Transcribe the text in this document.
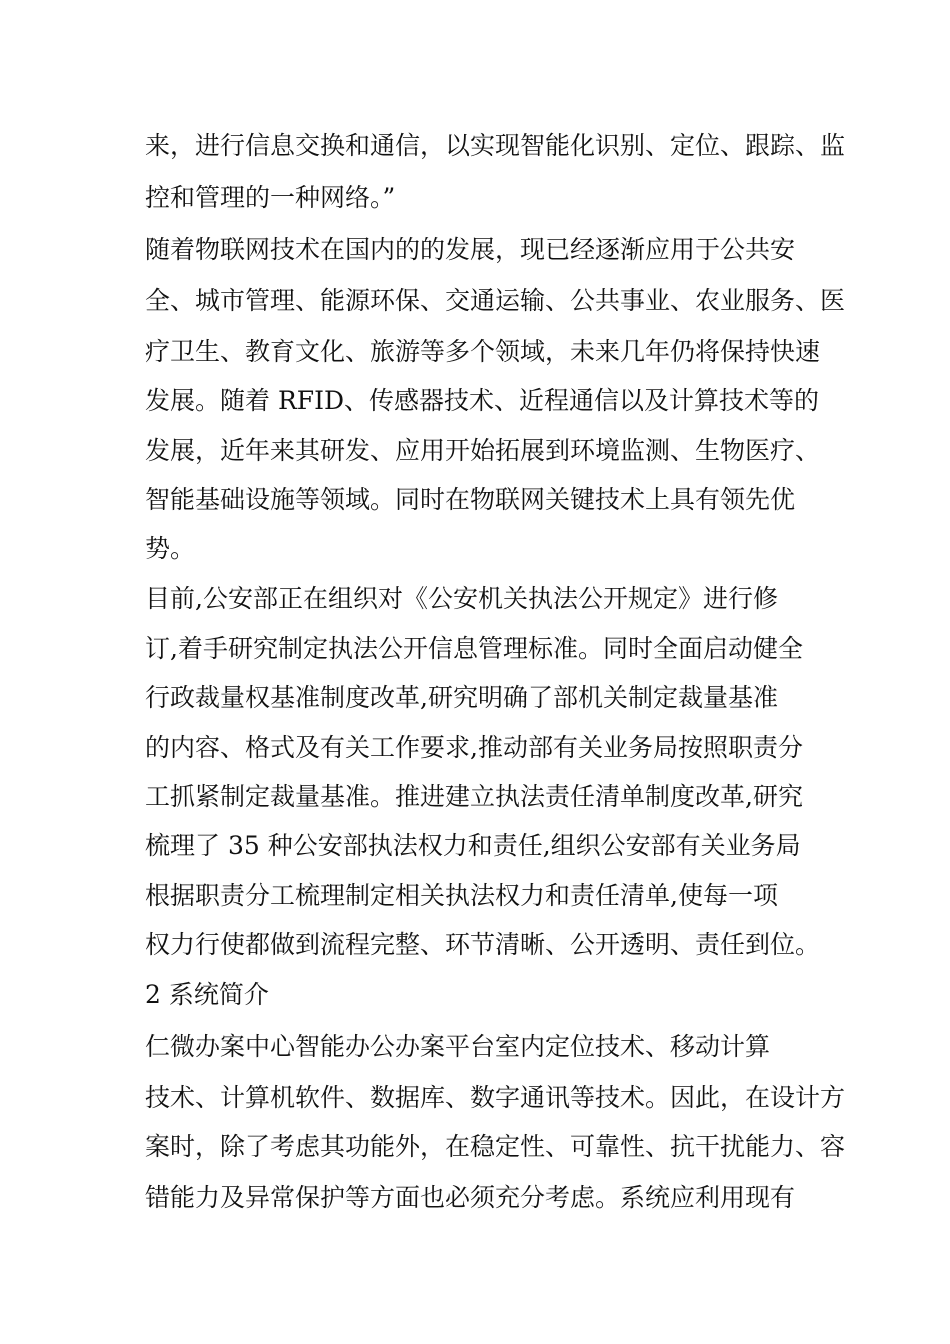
来，进行信息交换和通信，以实现智能化识别、定位、跟踪、监
控和管理的一种网络。”
随着物联网技术在国内的的发展，现已经逐渐应用于公共安
全、城市管理、能源环保、交通运输、公共事业、农业服务、医
疗卫生、教育文化、旅游等多个领域，未来几年仍将保持快速
发展。随着 RFID、传感器技术、近程通信以及计算技术等的
发展，近年来其研发、应用开始拓展到环境监测、生物医疗、
智能基础设施等领域。同时在物联网关键技术上具有领先优
势。
目前,公安部正在组织对《公安机关执法公开规定》进行修
订,着手研究制定执法公开信息管理标准。同时全面启动健全
行政裁量权基准制度改革,研究明确了部机关制定裁量基准
的内容、格式及有关工作要求,推动部有关业务局按照职责分
工抓紧制定裁量基准。推进建立执法责任清单制度改革,研究
梳理了 35 种公安部执法权力和责任,组织公安部有关业务局
根据职责分工梳理制定相关执法权力和责任清单,使每一项
权力行使都做到流程完整、环节清晰、公开透明、责任到位。
2 系统简介
仁微办案中心智能办公办案平台室内定位技术、移动计算
技术、计算机软件、数据库、数字通讯等技术。因此，在设计方
案时，除了考虑其功能外，在稳定性、可靠性、抗干扰能力、容
错能力及异常保护等方面也必须充分考虑。系统应利用现有
